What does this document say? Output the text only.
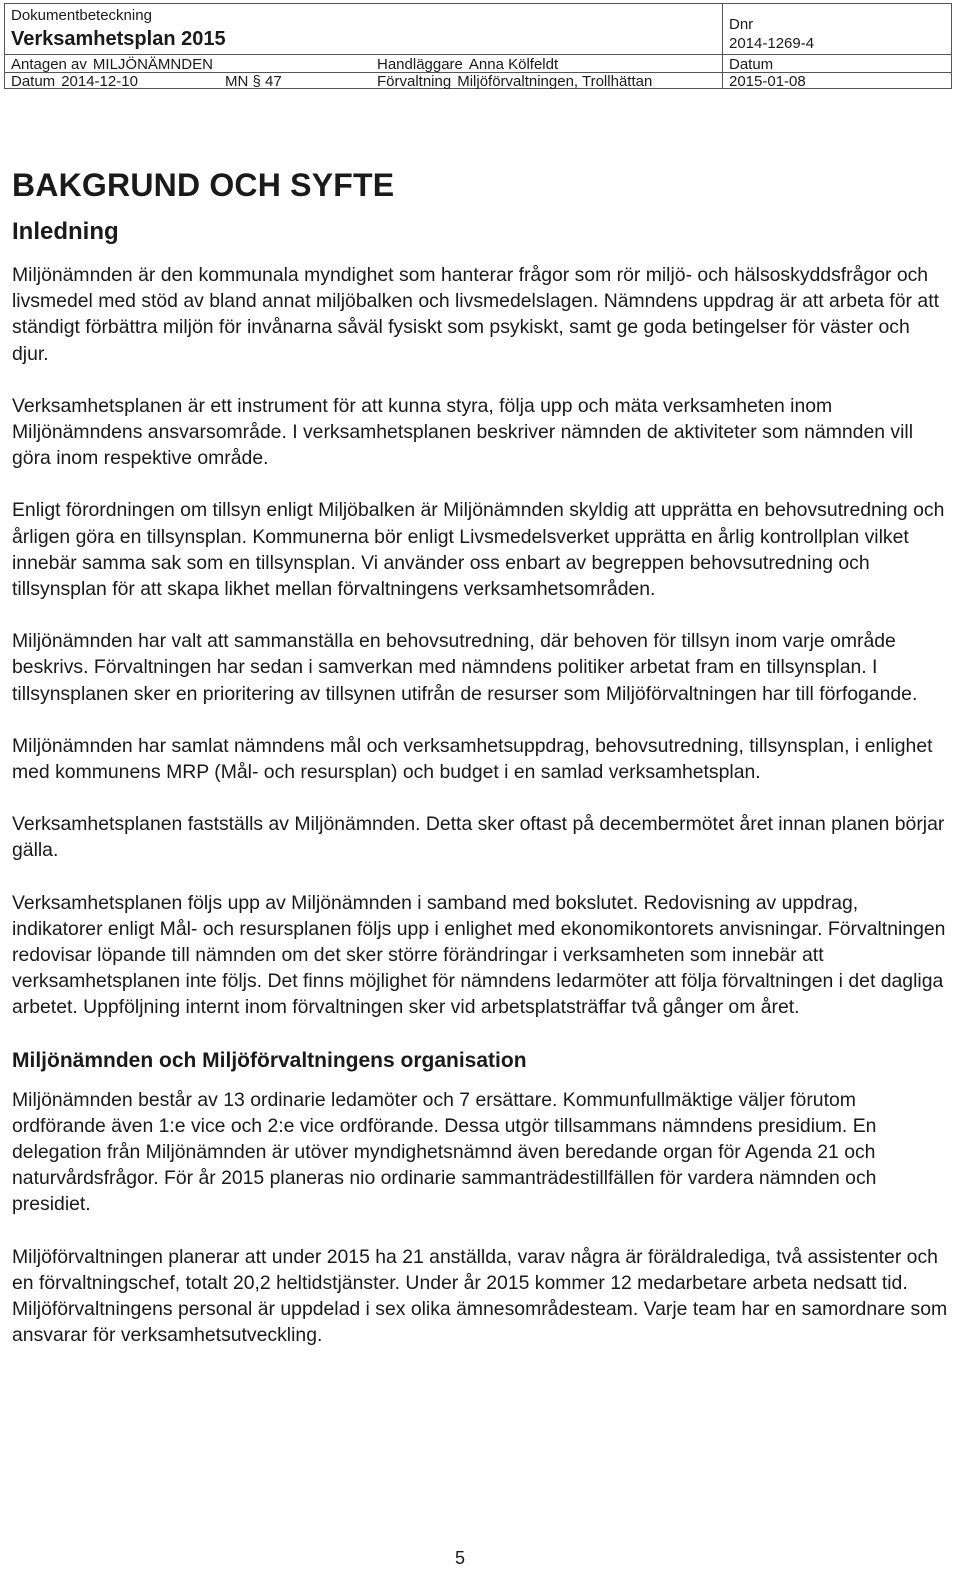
Dokumentbeteckning
Verksamhetsplan 2015
Antagen av MILJÖNÄMNDEN
Datum 2014-12-10	MN § 47
Handläggare Anna Kölfeldt
Förvaltning Miljöförvaltningen, Trollhättan
Dnr
2014-1269-4
Datum
2015-01-08
BAKGRUND OCH SYFTE
Inledning

Miljönämnden är den kommunala myndighet som hanterar frågor som rör miljö- och hälsoskyddsfrågor och livsmedel med stöd av bland annat miljöbalken och livsmedelslagen. Nämndens uppdrag är att arbeta för att ständigt förbättra miljön för invånarna såväl fysiskt som psykiskt, samt ge goda betingelser för väster och djur.

Verksamhetsplanen är ett instrument för att kunna styra, följa upp och mäta verksamheten inom Miljönämndens ansvarsområde. I verksamhetsplanen beskriver nämnden de aktiviteter som nämnden vill göra inom respektive område.

Enligt förordningen om tillsyn enligt Miljöbalken är Miljönämnden skyldig att upprätta en behovsutredning och årligen göra en tillsynsplan. Kommunerna bör enligt Livsmedelsverket upprätta en årlig kontrollplan vilket innebär samma sak som en tillsynsplan. Vi använder oss enbart av begreppen behovsutredning och tillsynsplan för att skapa likhet mellan förvaltningens verksamhetsområden.

Miljönämnden har valt att sammanställa en behovsutredning, där behoven för tillsyn inom varje område beskrivs. Förvaltningen har sedan i samverkan med nämndens politiker arbetat fram en tillsynsplan. I tillsynsplanen sker en prioritering av tillsynen utifrån de resurser som Miljöförvaltningen har till förfogande.

Miljönämnden har samlat nämndens mål och verksamhetsuppdrag, behovsutredning, tillsynsplan, i enlighet med kommunens MRP (Mål- och resursplan) och budget i en samlad verksamhetsplan.

Verksamhetsplanen fastställs av Miljönämnden. Detta sker oftast på decembermötet året innan planen börjar gälla.

Verksamhetsplanen följs upp av Miljönämnden i samband med bokslutet. Redovisning av uppdrag, indikatorer enligt Mål- och resursplanen följs upp i enlighet med ekonomikontorets anvisningar. Förvaltningen redovisar löpande till nämnden om det sker större förändringar i verksamheten som innebär att verksamhetsplanen inte följs. Det finns möjlighet för nämndens ledarmöter att följa förvaltningen i det dagliga arbetet. Uppföljning internt inom förvaltningen sker vid arbetsplatsträffar två gånger om året.

Miljönämnden och Miljöförvaltningens organisation

Miljönämnden består av 13 ordinarie ledamöter och 7 ersättare. Kommunfullmäktige väljer förutom ordförande även 1:e vice och 2:e vice ordförande. Dessa utgör tillsammans nämndens presidium. En delegation från Miljönämnden är utöver myndighetsnämnd även beredande organ för Agenda 21 och naturvårdsfrågor. För år 2015 planeras nio ordinarie sammanträdestillfällen för vardera nämnden och presidiet.

Miljöförvaltningen planerar att under 2015 ha 21 anställda, varav några är föräldralediga, två assistenter och en förvaltningschef, totalt 20,2 heltidstjänster. Under år 2015 kommer 12 medarbetare arbeta nedsatt tid. Miljöförvaltningens personal är uppdelad i sex olika ämnesområdesteam. Varje team har en samordnare som ansvarar för verksamhetsutveckling.

5
